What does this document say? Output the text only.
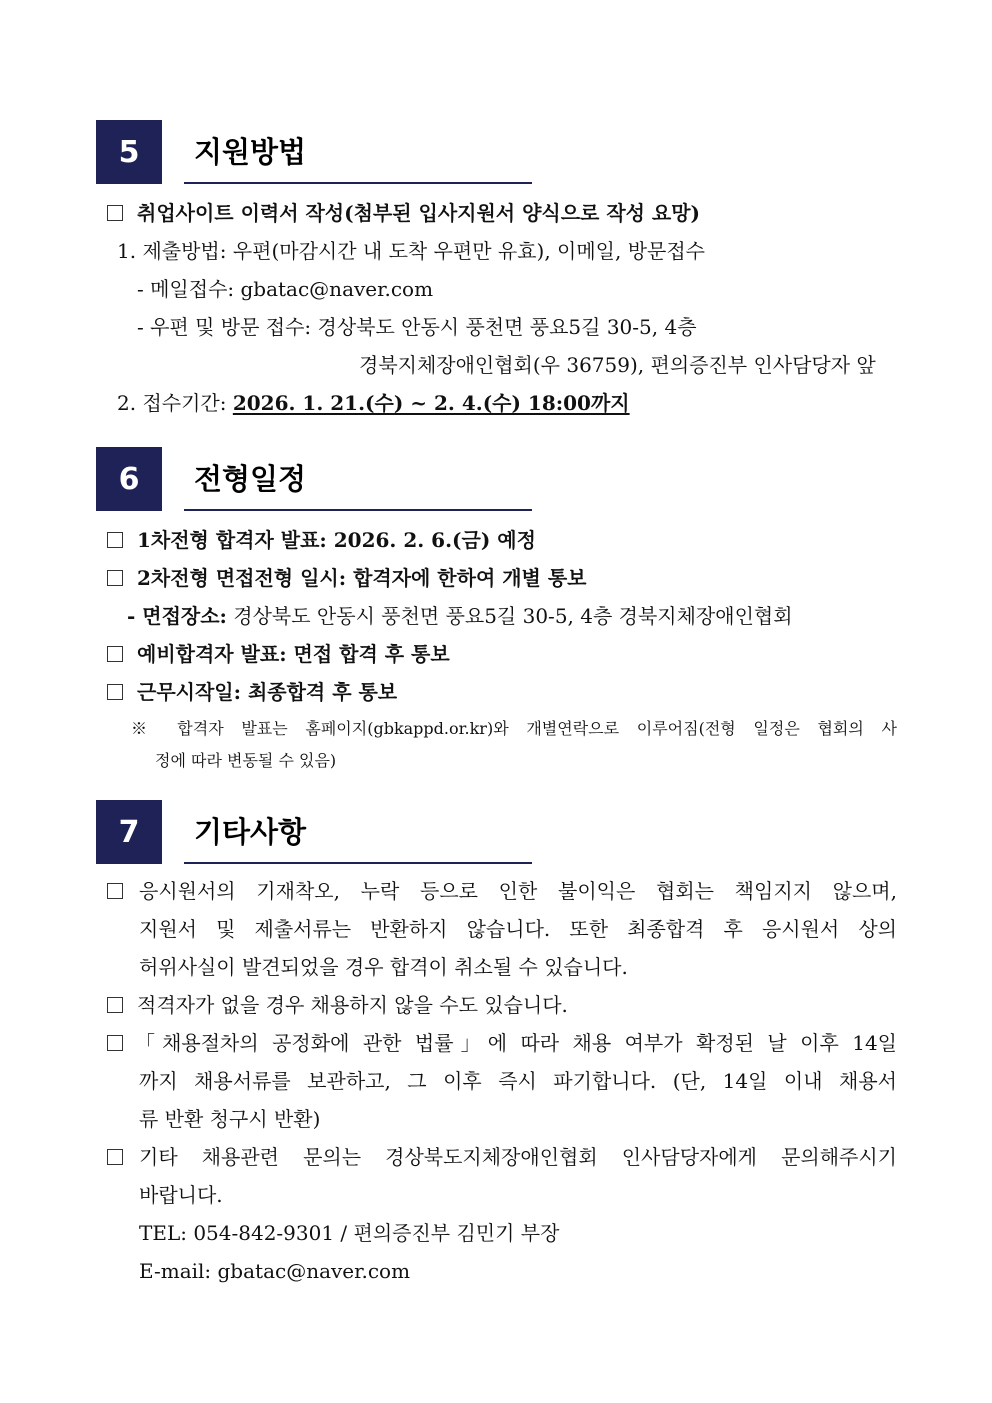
5	지원방법
취업사이트 이력서 작성(첨부된 입사지원서 양식으로 작성 요망)
1. 제출방법: 우편(마감시간 내 도착 우편만 유효), 이메일, 방문접수
- 메일접수: gbatac@naver.com
- 우편 및 방문 접수: 경상북도 안동시 풍천면 풍요5길 30-5, 4층
경북지체장애인협회(우 36759), 편의증진부 인사담당자 앞
2. 접수기간: 2026. 1. 21.(수) ~ 2. 4.(수) 18:00까지
6	전형일정
1차전형 합격자 발표: 2026. 2. 6.(금) 예정
2차전형 면접전형 일시: 합격자에 한하여 개별 통보
- 면접장소: 경상북도 안동시 풍천면 풍요5길 30-5, 4층 경북지체장애인협회
예비합격자 발표: 면접 합격 후 통보
근무시작일: 최종합격 후 통보
※ 합격자 발표는 홈페이지(gbkappd.or.kr)와 개별연락으로 이루어짐(전형 일정은 협회의 사
정에 따라 변동될 수 있음)
7	기타사항
응시원서의 기재착오, 누락 등으로 인한 불이익은 협회는 책임지지 않으며,
지원서 및 제출서류는 반환하지 않습니다. 또한 최종합격 후 응시원서 상의
허위사실이 발견되었을 경우 합격이 취소될 수 있습니다.
적격자가 없을 경우 채용하지 않을 수도 있습니다.
「채용절차의 공정화에 관한 법률」에 따라 채용 여부가 확정된 날 이후 14일
까지 채용서류를 보관하고, 그 이후 즉시 파기합니다. (단, 14일 이내 채용서
류 반환 청구시 반환)
기타 채용관련 문의는 경상북도지체장애인협회 인사담당자에게 문의해주시기
바랍니다.
TEL: 054-842-9301 / 편의증진부 김민기 부장
E-mail: gbatac@naver.com
